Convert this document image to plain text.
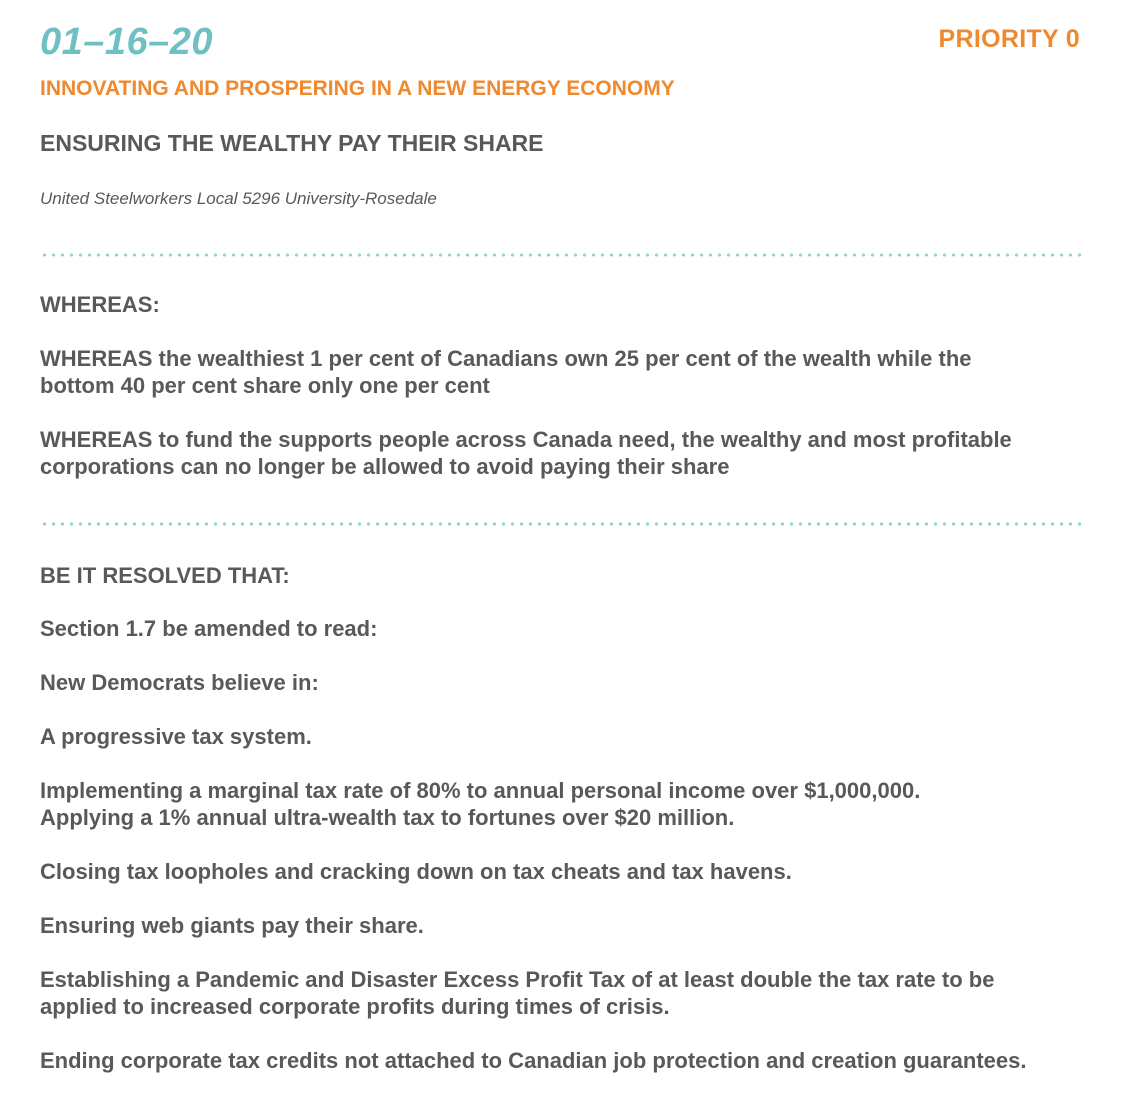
01–16–20	PRIORITY 0
INNOVATING AND PROSPERING IN A NEW ENERGY ECONOMY
ENSURING THE WEALTHY PAY THEIR SHARE
United Steelworkers Local 5296 University-Rosedale

WHEREAS:

WHEREAS the wealthiest 1 per cent of Canadians own 25 per cent of the wealth while the bottom 40 per cent share only one per cent

WHEREAS to fund the supports people across Canada need, the wealthy and most profitable corporations can no longer be allowed to avoid paying their share

BE IT RESOLVED THAT:

Section 1.7 be amended to read:

New Democrats believe in:

A progressive tax system.

Implementing a marginal tax rate of 80% to annual personal income over $1,000,000. Applying a 1% annual ultra-wealth tax to fortunes over $20 million.

Closing tax loopholes and cracking down on tax cheats and tax havens.

Ensuring web giants pay their share.

Establishing a Pandemic and Disaster Excess Profit Tax of at least double the tax rate to be applied to increased corporate profits during times of crisis.

Ending corporate tax credits not attached to Canadian job protection and creation guarantees.
